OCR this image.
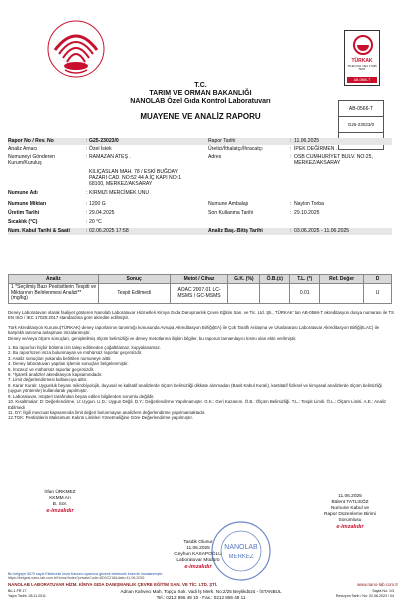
TÜRKAK
TS EN ISO / IEC 17025
TEST
AB-0566-T
T.C.
TARIM VE ORMAN BAKANLIĞI
NANOLAB Özel Gıda Kontrol Laboratuvarı
MUAYENE VE ANALİZ RAPORU
AB-0566-T
G25-23023/0
Rapor No / Rev. No	: G25-23023/0	Rapor Tarihi	: 11.06.2025
Analiz Amacı	: Özel İstek	Üretici/İthalatçı/İhracatçı	: İPEK DEĞİRMEN .
Numuneyi Gönderen Kurum/Kuruluş
: RAMAZAN ATEŞ .	Adres	: OSB CUMHURİYET BULV. NO:25, MERKEZ/AKSARAY
KILIÇASLAN MAH. 78 / ESKİ BUĞDAY PAZARI CAD. NO:52 44 A İÇ KAPI NO:1 68100, MERKEZ/AKSARAY
Numune Adı	: KIRMIZI MERCİMEK UNU
Numune Miktarı	: 1200 G	Numune Ambalajı	: Naylon Torba
Üretim Tarihi	: 29.04.2025	Son Kullanma Tarihi	: 29.10.2025
Sıcaklık (°C)	: 20 °C
Num. Kabul Tarihi & Saati	: 02.06.2025 17:58	Analiz Baş.-Bitiş Tarihi	: 03.06.2025 - 11.06.2025
Analiz	Sonuç	Metot / Cihaz	G.K. (%)	Ö.B.(±)	T.L. (*)	Ref. Değer	D
1 *Seçilmiş Bazı Pestisitlerin Tespiti ve Miktarının Belirlenmesi Analizi** (mg/kg)	Tespit Edilmedi	AOAC 2007.01 LC-MSMS / GC-MSMS			0.01		U

Deney Laboratuvarı olarak faaliyet gösteren Nanolab Laboratuvar Hizmetleri Kimya Gıda Danışmanlık Çevre Eğitim San. ve Tic. Ltd. Şti., TÜRKAK' tan AB-0566-T akreditasyon dosya numarası ile TS EN ISO / IEC 17025:2017 standardına göre akredite edilmiştir.

Türk Akreditasyon Kurumu(TÜRKAK) deney raporlarının tanınmığı konusunda Avrupa Akreditasyon Birliği(EA) ile Çok Taraflı Anlaşma ve Uluslararası Laboratuvar Akreditasyon Birliği(ILAC) ile karşılıklı tanınma anlaşması imzalanmıştır.

Deney ve/veya ölçüm sonuçları, genişletilmiş ölçüm belirsizliği ve deney metotlarına ilişkin bilgiler, bu raporun tamamlayıcı kısmı olan ekte verilmiştir.

1. Bu rapor/un hiçbir bölümü izin talep edilmeden çoğaltılamaz, kopyalanamaz.

2. Bu rapor/üzeri imza bulunmayan ve mühürsüz raporlar geçersizdir.

3. Analiz sonuçları yukarıda belirtilen numuneye aittir.

4. Deney laboratuvarı yapılan işlemin sonuçları belgelenmiştir.

5. İmzasız ve mühürsüz raporlar geçersizdir.

6. *İşaretli analizler akreditasyon kapsamındadır.

7. Limit değerlendirmesi kullanıcıya aittir.

8. Karar Kuralı: Uygunluk beyanı mikrobiyolojik, duyusal ve kalitatif analizlerde ölçüm belirsizliği dikkate alınmadan (Basit Kabul Kuralı), kantitatif fiziksel ve kimyasal analizlerde ölçüm belirsizliği (uygun yöntemle) kullanılarak yapılmıştır.

9. Laboratuvar, müşteri tarafından beyan edilen bilgilerden sorumlu değildir.

10. Kısaltmalar: D: Değerlendirme. U: Uygun. U.D.: Uygun Değil. D.Y.: Değerlendirme Yapılmamıştır. G.K.: Geri Kazanım. Ö.B.: Ölçüm Belirsizliği. T.L.: Tespit Limiti. Ö.L.: Ölçüm Limiti. A.E.: Analiz Edilmedi

11. DY: İlgili mevzuat kapsamında limit değeri bulunmayan analizlere değerlendirme yapılmamaktadır.

12.TGK: Pestisitlerin Maksimum Kalıntı Limitleri Yönetmeliğine Göre Değerlendirme yapılmıştır.

İrfan ÜRKMEZ
KKMM Arı
B. Sor.
e-imzalıdır
11.06.2025
Bülent TATLISÖZ
Numune Kabul ve
Rapor Düzenleme Birimi
Sorumlusu
e-imzalıdır
Tasdik Olunur
11.06.2025
Ceyhun KASAPOĞLU
Laboratuvar Müdürü
e-imzalıdır
NANOLAB
MERKEZ
Bu belgeye 5070 sayılı Elektronik İmza Kanunu uyarınca güvenli elektronik imza ile imzalanmıştır.
https://belgesi.nano-lab.com.tr/Home/Index?privateCode=8D0C218&date=11.06.2025
NANOLAB LABORATUVAR HİZM. KİMYA GIDA DANIŞMANLIK ÇEVRE EĞİTİM SAN. VE TİC. LTD. ŞTİ.	www.nano-lab.com.tr
Bü-1.FR.17
Yayın Tarihi: 28.11.2011
Adnan Kahveci Mah. Topçu Sok. Vadi İş Merk. No:2/25 Beylikdüzü - İSTANBUL
Tel.: 0212 855 48 10 - Fax.: 0212 855 48 11
Sayfa No: 1/3
Revizyon Tarih / No: 02.06.2023 / 04
